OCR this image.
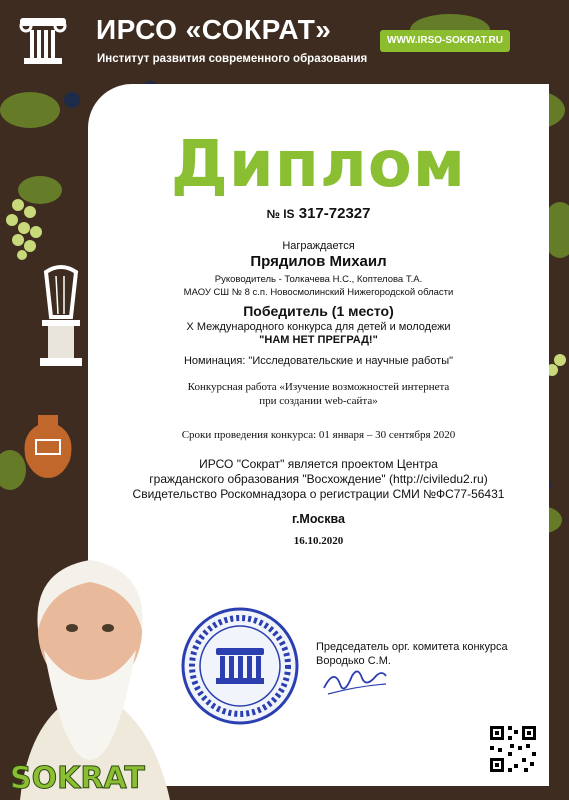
ИРСО «СОКРАТ»
Институт развития современного образования
WWW.IRSO-SOKRAT.RU
Диплом
№ IS 317-72327
Награждается
Прядилов Михаил
Руководитель - Толкачева Н.С., Коптелова Т.А.
МАОУ СШ № 8 с.п. Новосмолинский Нижегородской области
Победитель (1 место)
X Международного конкурса для детей и молодежи
"НАМ НЕТ ПРЕГРАД!"
Номинация: "Исследовательские и научные работы"
Конкурсная работа «Изучение возможностей интернета
при создании web-сайта»
Сроки проведения конкурса: 01 января – 30 сентября 2020
ИРСО "Сократ" является проектом Центра
гражданского образования "Восхождение" (http://civiledu2.ru)
Свидетельство Роскомнадзора о регистрации СМИ №ФС77-56431
г.Москва
16.10.2020
Председатель орг. комитета конкурса
Bородько С.М.
SOKRAT
